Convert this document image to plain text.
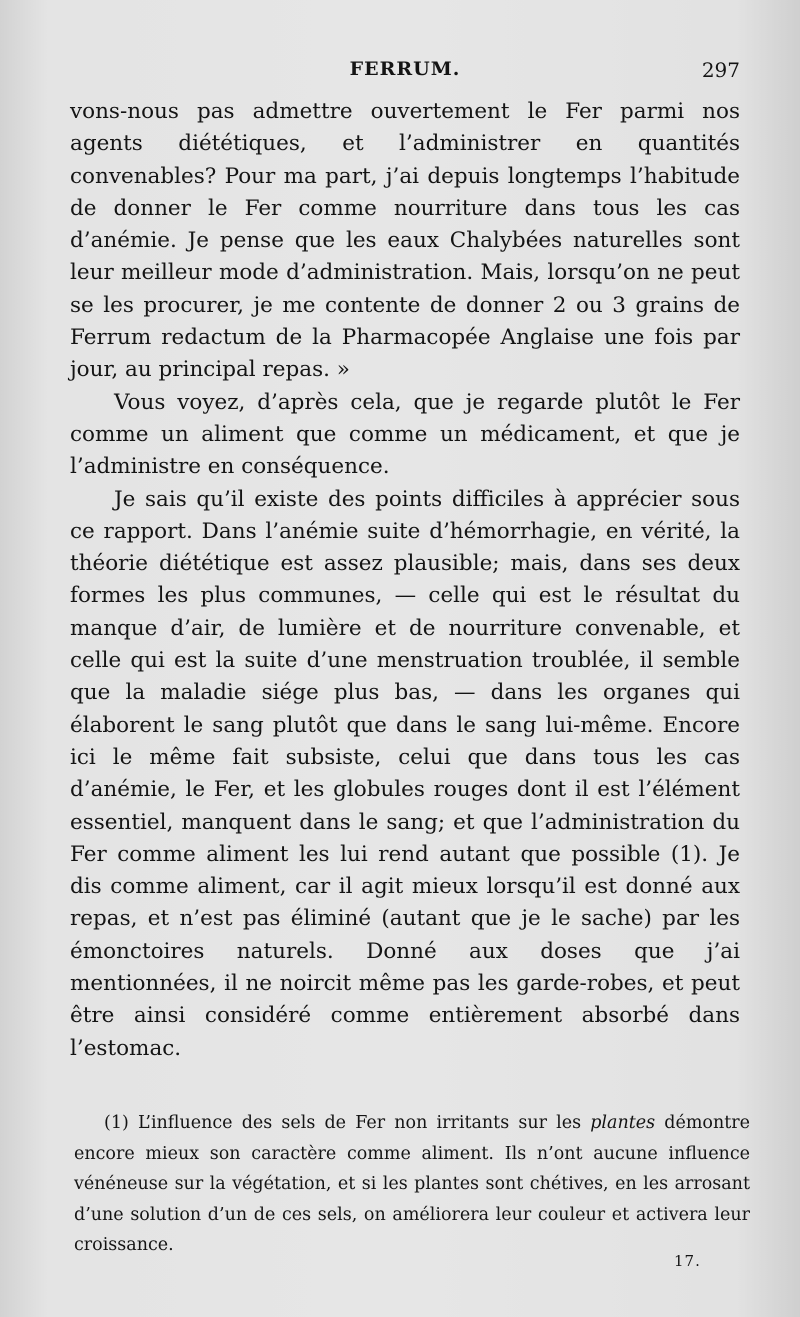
FERRUM.	297

vons-nous pas admettre ouvertement le Fer parmi nos agents diététiques, et l’administrer en quantités convenables? Pour ma part, j’ai depuis longtemps l’habitude de donner le Fer comme nourriture dans tous les cas d’anémie. Je pense que les eaux Chalybées naturelles sont leur meilleur mode d’administration. Mais, lorsqu’on ne peut se les procurer, je me contente de donner 2 ou 3 grains de Ferrum redactum de la Pharmacopée Anglaise une fois par jour, au principal repas. »

Vous voyez, d’après cela, que je regarde plutôt le Fer comme un aliment que comme un médicament, et que je l’administre en conséquence.

Je sais qu’il existe des points difficiles à apprécier sous ce rapport. Dans l’anémie suite d’hémorrhagie, en vérité, la théorie diététique est assez plausible; mais, dans ses deux formes les plus communes, — celle qui est le résultat du manque d’air, de lumière et de nourriture convenable, et celle qui est la suite d’une menstruation troublée, il semble que la maladie siége plus bas, — dans les organes qui élaborent le sang plutôt que dans le sang lui-même. Encore ici le même fait subsiste, celui que dans tous les cas d’anémie, le Fer, et les globules rouges dont il est l’élément essentiel, manquent dans le sang; et que l’administration du Fer comme aliment les lui rend autant que possible (1). Je dis comme aliment, car il agit mieux lorsqu’il est donné aux repas, et n’est pas éliminé (autant que je le sache) par les émonctoires naturels. Donné aux doses que j’ai mentionnées, il ne noircit même pas les garde-robes, et peut être ainsi considéré comme entièrement absorbé dans l’estomac.

(1) L’influence des sels de Fer non irritants sur les plantes démontre encore mieux son caractère comme aliment. Ils n’ont aucune influence vénéneuse sur la végétation, et si les plantes sont chétives, en les arrosant d’une solution d’un de ces sels, on améliorera leur couleur et activera leur croissance.

17.
